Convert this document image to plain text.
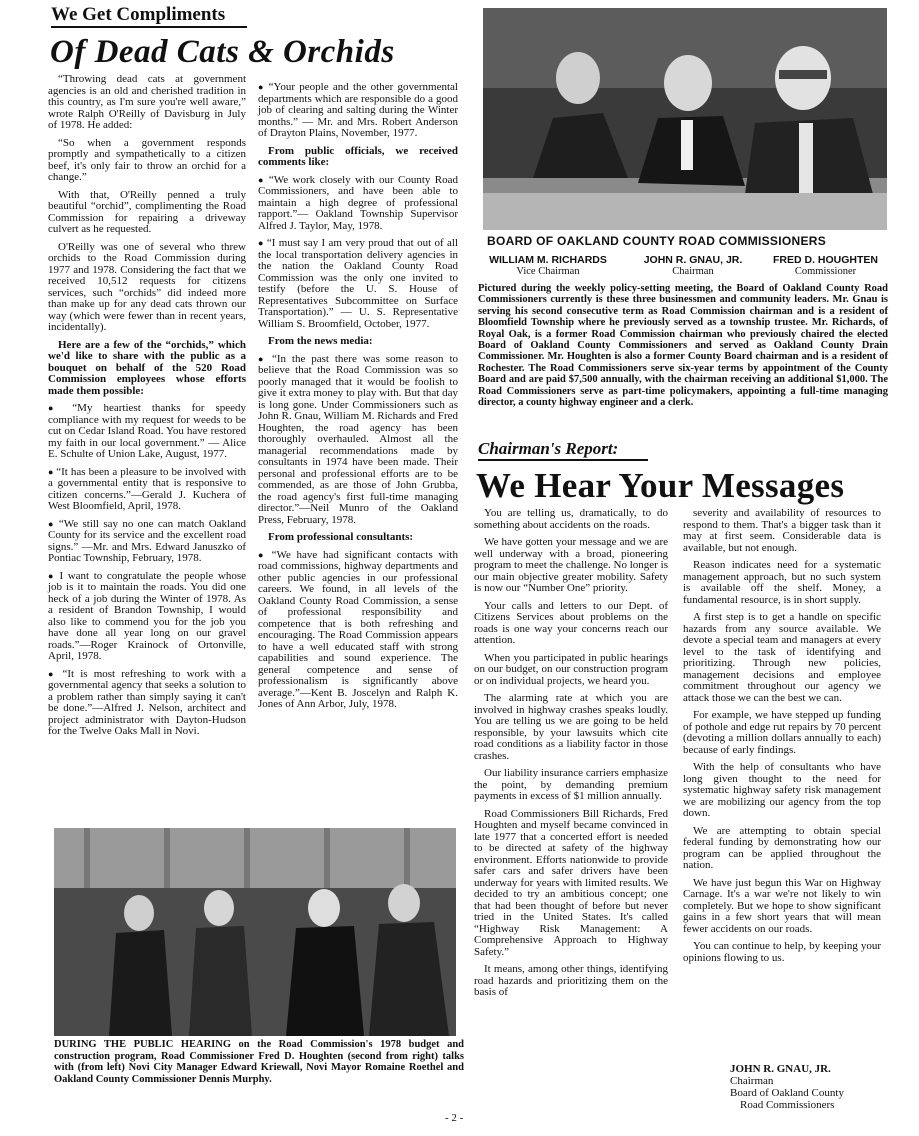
We Get Compliments
Of Dead Cats & Orchids

“Throwing dead cats at government agencies is an old and cherished tradition in this country, as I'm sure you're well aware,” wrote Ralph O'Reilly of Davisburg in July of 1978. He added:

“So when a government responds promptly and sympathetically to a citizen beef, it's only fair to throw an orchid for a change.”

With that, O'Reilly penned a truly beautiful “orchid”, complimenting the Road Commission for repairing a driveway culvert as he requested.

O'Reilly was one of several who threw orchids to the Road Commission during 1977 and 1978. Considering the fact that we received 10,512 requests for citizens services, such “orchids” did indeed more than make up for any dead cats thrown our way (which were fewer than in recent years, incidentally).

Here are a few of the “orchids,” which we'd like to share with the public as a bouquet on behalf of the 520 Road Commission employees whose efforts made them possible:

● “My heartiest thanks for speedy compliance with my request for weeds to be cut on Cedar Island Road. You have restored my faith in our local government.” — Alice E. Schulte of Union Lake, August, 1977.

● “It has been a pleasure to be involved with a governmental entity that is responsive to citizen concerns.”—Gerald J. Kuchera of West Bloomfield, April, 1978.

● “We still say no one can match Oakland County for its service and the excellent road signs.” —Mr. and Mrs. Edward Januszko of Pontiac Township, February, 1978.

● I want to congratulate the people whose job is it to maintain the roads. You did one heck of a job during the Winter of 1978. As a resident of Brandon Township, I would also like to commend you for the job you have done all year long on our gravel roads.”—Roger Krainock of Ortonville, April, 1978.

● “It is most refreshing to work with a governmental agency that seeks a solution to a problem rather than simply saying it can't be done.”—Alfred J. Nelson, architect and project administrator with Dayton-Hudson for the Twelve Oaks Mall in Novi.

● “Your people and the other governmental departments which are responsible do a good job of clearing and salting during the Winter months.” — Mr. and Mrs. Robert Anderson of Drayton Plains, November, 1977.

From public officials, we received comments like:

● “We work closely with our County Road Commissioners, and have been able to maintain a high degree of professional rapport.”— Oakland Township Supervisor Alfred J. Taylor, May, 1978.

● “I must say I am very proud that out of all the local transportation delivery agencies in the nation the Oakland County Road Commission was the only one invited to testify (before the U. S. House of Representatives Subcommittee on Surface Transportation).” — U. S. Representative William S. Broomfield, October, 1977.

From the news media:

● “In the past there was some reason to believe that the Road Commission was so poorly managed that it would be foolish to give it extra money to play with. But that day is long gone. Under Commissioners such as John R. Gnau, William M. Richards and Fred Houghten, the road agency has been thoroughly overhauled. Almost all the managerial recommendations made by consultants in 1974 have been made. Their personal and professional efforts are to be commended, as are those of John Grubba, the road agency's first full-time managing director.”—Neil Munro of the Oakland Press, February, 1978.

From professional consultants:

● “We have had significant contacts with road commissions, highway departments and other public agencies in our professional careers. We found, in all levels of the Oakland County Road Commission, a sense of professional responsibility and competence that is both refreshing and encouraging. The Road Commission appears to have a well educated staff with strong capabilities and sound experience. The general competence and sense of professionalism is significantly above average.”—Kent B. Joscelyn and Ralph K. Jones of Ann Arbor, July, 1978.

BOARD OF OAKLAND COUNTY ROAD COMMISSIONERS
WILLIAM M. RICHARDS
Vice Chairman
JOHN R. GNAU, JR.
Chairman
FRED D. HOUGHTEN
Commissioner
Pictured during the weekly policy-setting meeting, the Board of Oakland County Road Commissioners currently is these three businessmen and community leaders. Mr. Gnau is serving his second consecutive term as Road Commission chairman and is a resident of Bloomfield Township where he previously served as a township trustee. Mr. Richards, of Royal Oak, is a former Road Commission chairman who previously chaired the elected Board of Oakland County Commissioners and served as Oakland County Drain Commissioner. Mr. Houghten is also a former County Board chairman and is a resident of Rochester. The Road Commissioners serve six-year terms by appointment of the County Board and are paid $7,500 annually, with the chairman receiving an additional $1,000. The Road Commissioners serve as part-time policymakers, appointing a full-time managing director, a county highway engineer and a clerk.
Chairman's Report:
We Hear Your Messages

You are telling us, dramatically, to do something about accidents on the roads.

We have gotten your message and we are well underway with a broad, pioneering program to meet the challenge. No longer is our main objective greater mobility. Safety is now our “Number One” priority.

Your calls and letters to our Dept. of Citizens Services about problems on the roads is one way your concerns reach our attention.

When you participated in public hearings on our budget, on our construction program or on individual projects, we heard you.

The alarming rate at which you are involved in highway crashes speaks loudly. You are telling us we are going to be held responsible, by your lawsuits which cite road conditions as a liability factor in those crashes.

Our liability insurance carriers emphasize the point, by demanding premium payments in excess of $1 million annually.

Road Commissioners Bill Richards, Fred Houghten and myself became convinced in late 1977 that a concerted effort is needed to be directed at safety of the highway environment. Efforts nationwide to provide safer cars and safer drivers have been underway for years with limited results. We decided to try an ambitious concept; one that had been thought of before but never tried in the United States. It's called “Highway Risk Management: A Comprehensive Approach to Highway Safety.”

It means, among other things, identifying road hazards and prioritizing them on the basis of

severity and availability of resources to respond to them. That's a bigger task than it may at first seem. Considerable data is available, but not enough.

Reason indicates need for a systematic management approach, but no such system is available off the shelf. Money, a fundamental resource, is in short supply.

A first step is to get a handle on specific hazards from any source available. We devote a special team and managers at every level to the task of identifying and prioritizing. Through new policies, management decisions and employee commitment throughout our agency we attack those we can the best we can.

For example, we have stepped up funding of pothole and edge rut repairs by 70 percent (devoting a million dollars annually to each) because of early findings.

With the help of consultants who have long given thought to the need for systematic highway safety risk management we are mobilizing our agency from the top down.

We are attempting to obtain special federal funding by demonstrating how our program can be applied throughout the nation.

We have just begun this War on Highway Carnage. It's a war we're not likely to win completely. But we hope to show significant gains in a few short years that will mean fewer accidents on our roads.

You can continue to help, by keeping your opinions flowing to us.

JOHN R. GNAU, JR.
Chairman
Board of Oakland County
Road Commissioners
DURING THE PUBLIC HEARING on the Road Commission's 1978 budget and construction program, Road Commissioner Fred D. Houghten (second from right) talks with (from left) Novi City Manager Edward Kriewall, Novi Mayor Romaine Roethel and Oakland County Commissioner Dennis Murphy.
- 2 -
